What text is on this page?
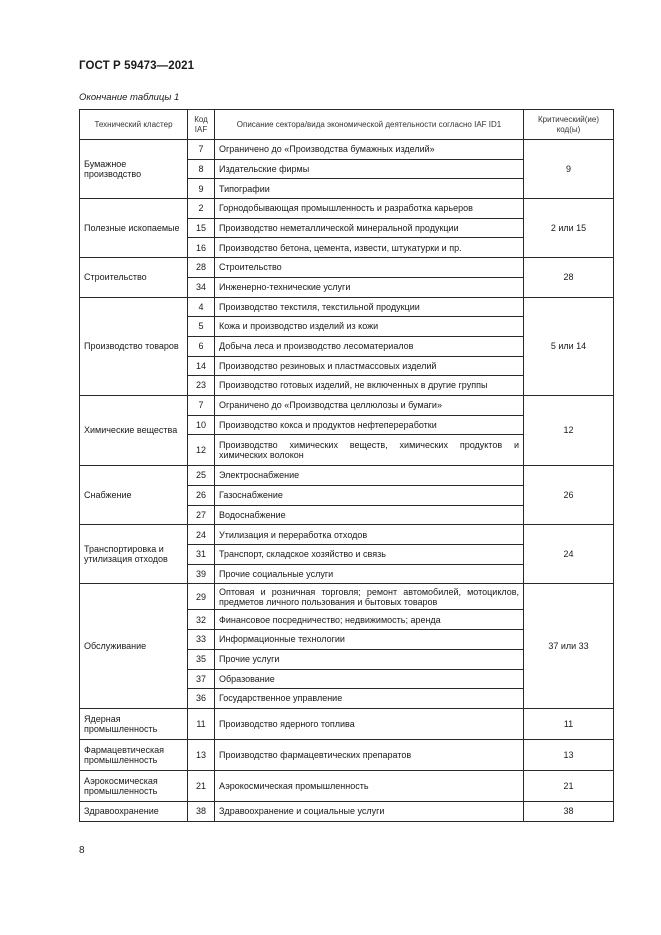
ГОСТ Р 59473—2021
Окончание таблицы 1
Технический кластер	Код IAF	Описание сектора/вида экономической деятельности согласно IAF ID1	Критический(ие) код(ы)
Бумажное производство	7	Ограничено до «Производства бумажных изделий»	9
	8	Издательские фирмы	
	9	Типографии	
Полезные ископаемые	2	Горнодобывающая промышленность и разработка карьеров	2 или 15
	15	Производство неметаллической минеральной продукции	
	16	Производство бетона, цемента, извести, штукатурки и пр.	
Строительство	28	Строительство	28
	34	Инженерно-технические услуги	
Производство товаров	4	Производство текстиля, текстильной продукции	5 или 14
	5	Кожа и производство изделий из кожи	
	6	Добыча леса и производство лесоматериалов	
	14	Производство резиновых и пластмассовых изделий	
	23	Производство готовых изделий, не включенных в другие группы	
Химические вещества	7	Ограничено до «Производства целлюлозы и бумаги»	12
	10	Производство кокса и продуктов нефтепереработки	
	12	Производство химических веществ, химических продуктов и химических волокон	
Снабжение	25	Электроснабжение	26
	26	Газоснабжение	
	27	Водоснабжение	
Транспортировка и утилизация отходов	24	Утилизация и переработка отходов	24
	31	Транспорт, складское хозяйство и связь	
	39	Прочие социальные услуги	
Обслуживание	29	Оптовая и розничная торговля; ремонт автомобилей, мотоциклов, предметов личного пользования и бытовых товаров	37 или 33
	32	Финансовое посредничество; недвижимость; аренда	
	33	Информационные технологии	
	35	Прочие услуги	
	37	Образование	
	36	Государственное управление	
Ядерная промышленность	11	Производство ядерного топлива	11
Фармацевтическая промышленность	13	Производство фармацевтических препаратов	13
Аэрокосмическая промышленность	21	Аэрокосмическая промышленность	21
Здравоохранение	38	Здравоохранение и социальные услуги	38
8
